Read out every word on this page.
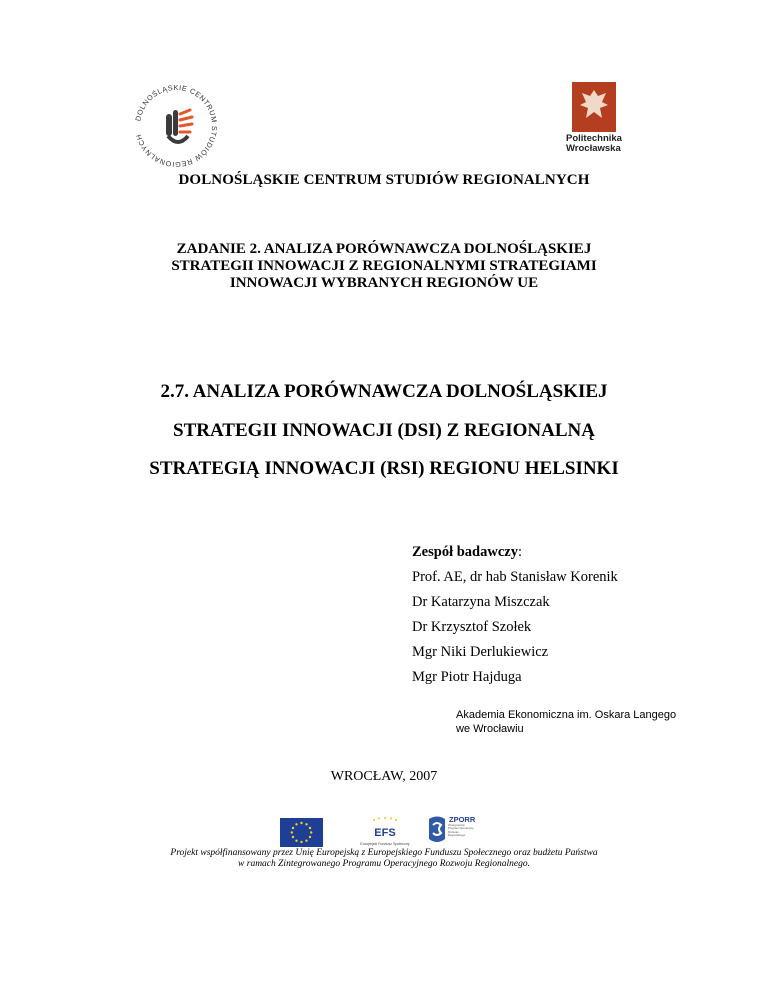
DOLNOŚLĄSKIE CENTRUM STUDIÓW REGIONALNYCH	Politechnika
Wrocławska
DOLNOŚLĄSKIE CENTRUM STUDIÓW REGIONALNYCH
ZADANIE 2. ANALIZA PORÓWNAWCZA DOLNOŚLĄSKIEJ
STRATEGII INNOWACJI Z REGIONALNYMI STRATEGIAMI
INNOWACJI WYBRANYCH REGIONÓW UE
2.7. ANALIZA PORÓWNAWCZA DOLNOŚLĄSKIEJ
STRATEGII INNOWACJI (DSI) Z REGIONALNĄ
STRATEGIĄ INNOWACJI (RSI) REGIONU HELSINKI
Zespół badawczy:
Prof. AE, dr hab Stanisław Korenik
Dr Katarzyna Miszczak
Dr Krzysztof Szołek
Mgr Niki Derlukiewicz
Mgr Piotr Hajduga
Akademia Ekonomiczna im. Oskara Langego
we Wrocławiu
WROCŁAW, 2007
EFS
Europejski Fundusz Społeczny
ZPORR
Zintegrowany Program Operacyjny Rozwoju Regionalnego
Projekt współfinansowany przez Unię Europejską z Europejskiego Funduszu Społecznego oraz budżetu Państwa
w ramach Zintegrowanego Programu Operacyjnego Rozwoju Regionalnego.
